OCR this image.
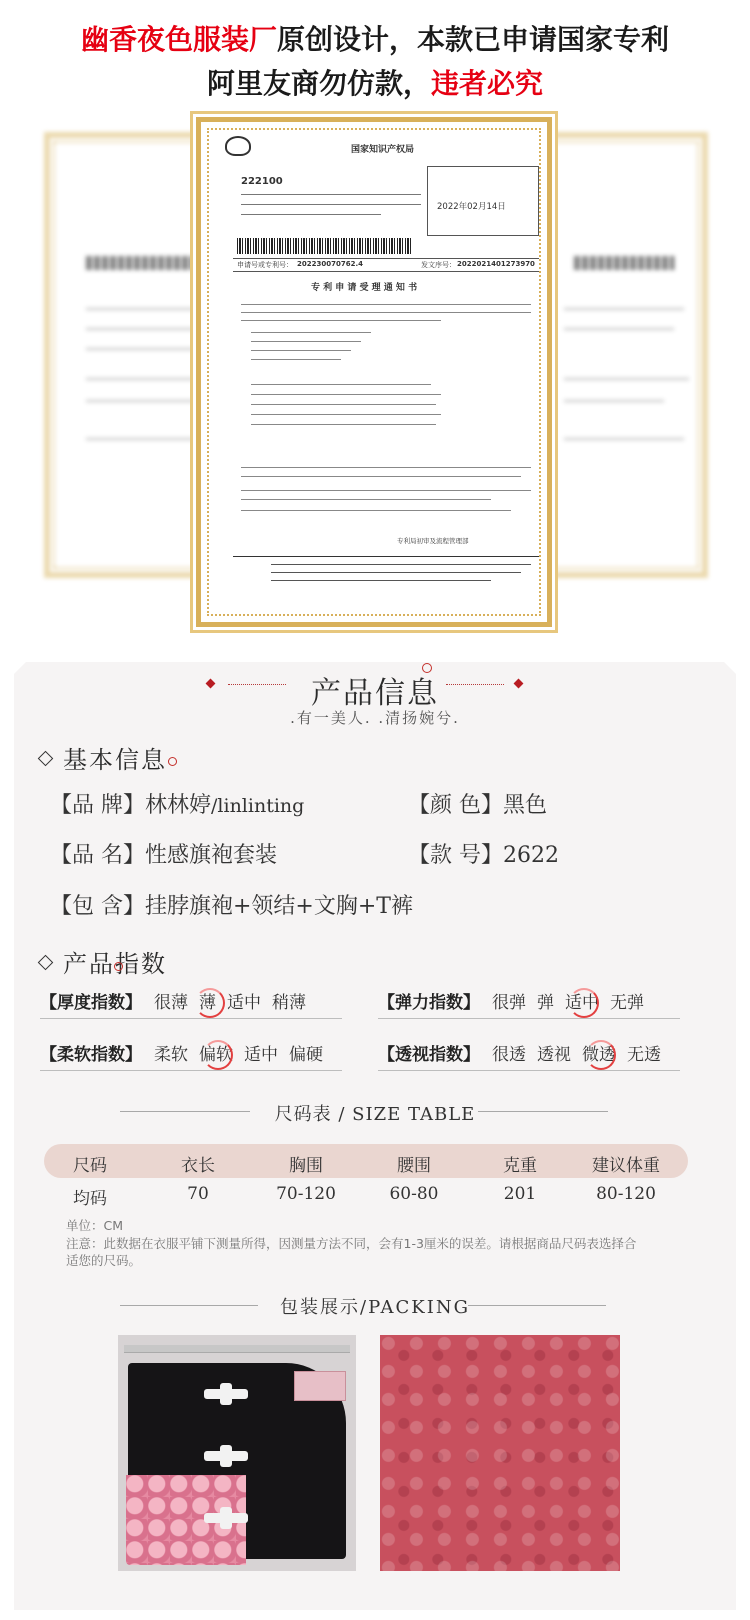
幽香夜色服装厂原创设计，本款已申请国家专利
阿里友商勿仿款，违者必究
国家知识产权局
222100
2022年02月14日
申请号或专利号： 202230070762.4	发文序号： 2022021401273970
专 利 申 请 受 理 通 知 书
专利局初审及流程管理部
产品信息
.有一美人. .清扬婉兮.
基本信息
【品 牌】林林婷/linlinting	【颜 色】黑色
【品 名】性感旗袍套装	【款 号】2622
【包 含】挂脖旗袍+领结+文胸+T裤
产品指数
【厚度指数】 很薄 薄 适中 稍薄	【弹力指数】 很弹 弹 适中 无弹
【柔软指数】 柔软 偏软 适中 偏硬	【透视指数】 很透 透视 微透 无透
尺码表 / SIZE TABLE
尺码	衣长	胸围	腰围	克重	建议体重
均码	70	70-120	60-80	201	80-120
单位：CM
注意：此数据在衣服平铺下测量所得，因测量方法不同，会有1-3厘米的误差。请根据商品尺码表选择合适您的尺码。
包装展示/PACKING
